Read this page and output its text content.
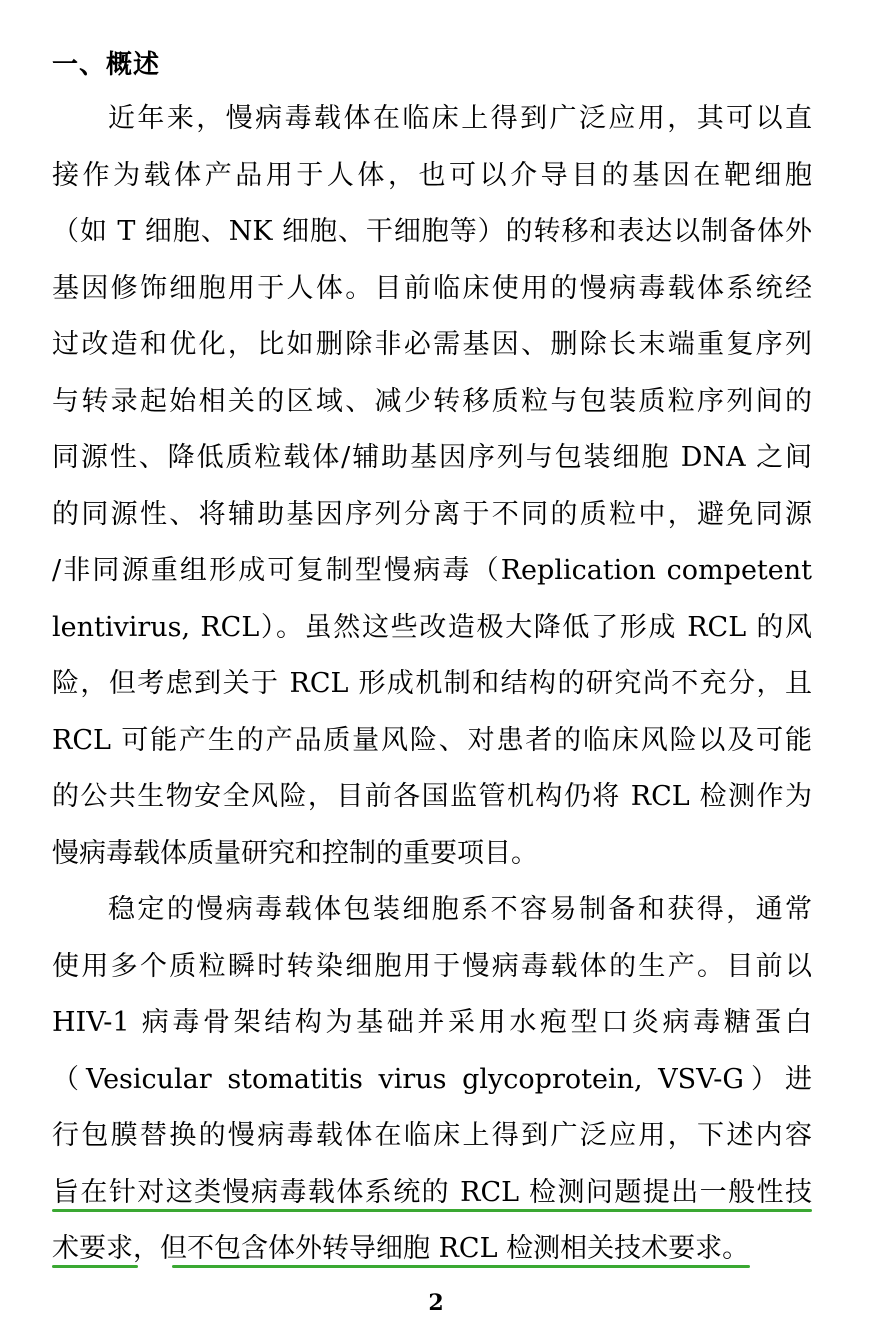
一、概述
近年来，慢病毒载体在临床上得到广泛应用，其可以直
接作为载体产品用于人体，也可以介导目的基因在靶细胞
（如 T 细胞、NK 细胞、干细胞等）的转移和表达以制备体外
基因修饰细胞用于人体。目前临床使用的慢病毒载体系统经
过改造和优化，比如删除非必需基因、删除长末端重复序列
与转录起始相关的区域、减少转移质粒与包装质粒序列间的
同源性、降低质粒载体/辅助基因序列与包装细胞 DNA 之间
的同源性、将辅助基因序列分离于不同的质粒中，避免同源
/非同源重组形成可复制型慢病毒（Replication competent
lentivirus, RCL）。虽然这些改造极大降低了形成 RCL 的风
险，但考虑到关于 RCL 形成机制和结构的研究尚不充分，且
RCL 可能产生的产品质量风险、对患者的临床风险以及可能
的公共生物安全风险，目前各国监管机构仍将 RCL 检测作为
慢病毒载体质量研究和控制的重要项目。
稳定的慢病毒载体包装细胞系不容易制备和获得，通常
使用多个质粒瞬时转染细胞用于慢病毒载体的生产。目前以
HIV-1 病毒骨架结构为基础并采用水疱型口炎病毒糖蛋白
（Vesicular stomatitis virus glycoprotein, VSV-G）进
行包膜替换的慢病毒载体在临床上得到广泛应用，下述内容
旨在针对这类慢病毒载体系统的 RCL 检测问题提出一般性技
术要求，但不包含体外转导细胞 RCL 检测相关技术要求。
2
